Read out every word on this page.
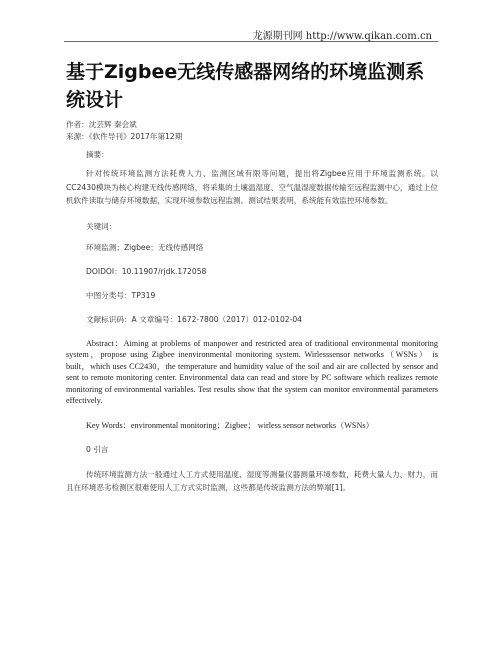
龙源期刊网 http://www.qikan.com.cn
基于Zigbee无线传感器网络的环境监测系统设计
作者：沈芸辉 秦会斌
来源：《软件导刊》2017年第12期
摘要：

针对传统环境监测方法耗费人力、监测区域有限等问题，提出将Zigbee应用于环境监测系统。以CC2430模块为核心构建无线传感网络，将采集的土壤温湿度、空气温湿度数据传输至远程监测中心，通过上位机软件读取与储存环境数据，实现环境参数远程监测。测试结果表明，系统能有效监控环境参数。

关键词：
环境监测；Zigbee；无线传感网络
DOIDOI：10.11907/rjdk.172058
中图分类号：TP319
文献标识码：A 文章编号：1672-7800（2017）012-0102-04

Abstract：Aiming at problems of manpower and restricted area of traditional environmental monitoring system，propose using Zigbee inenvironmental monitoring system. Wirlesssensor networks（WSNs） is built，which uses CC2430，the temperature and humidity value of the soil and air are collected by sensor and sent to remote monitoring center. Environmental data can read and store by PC software which realizes remote monitoring of environmental variables. Test results show that the system can monitor environmental parameters effectively.

Key Words：environmental monitoring；Zigbee； wirless sensor networks（WSNs）
0 引言

传统环境监测方法一般通过人工方式使用温度、湿度等测量仪器测量环境参数，耗费大量人力、财力，而且在环境恶劣检测区很难使用人工方式实时监测，这些都是传统监测方法的弊端[1]。
